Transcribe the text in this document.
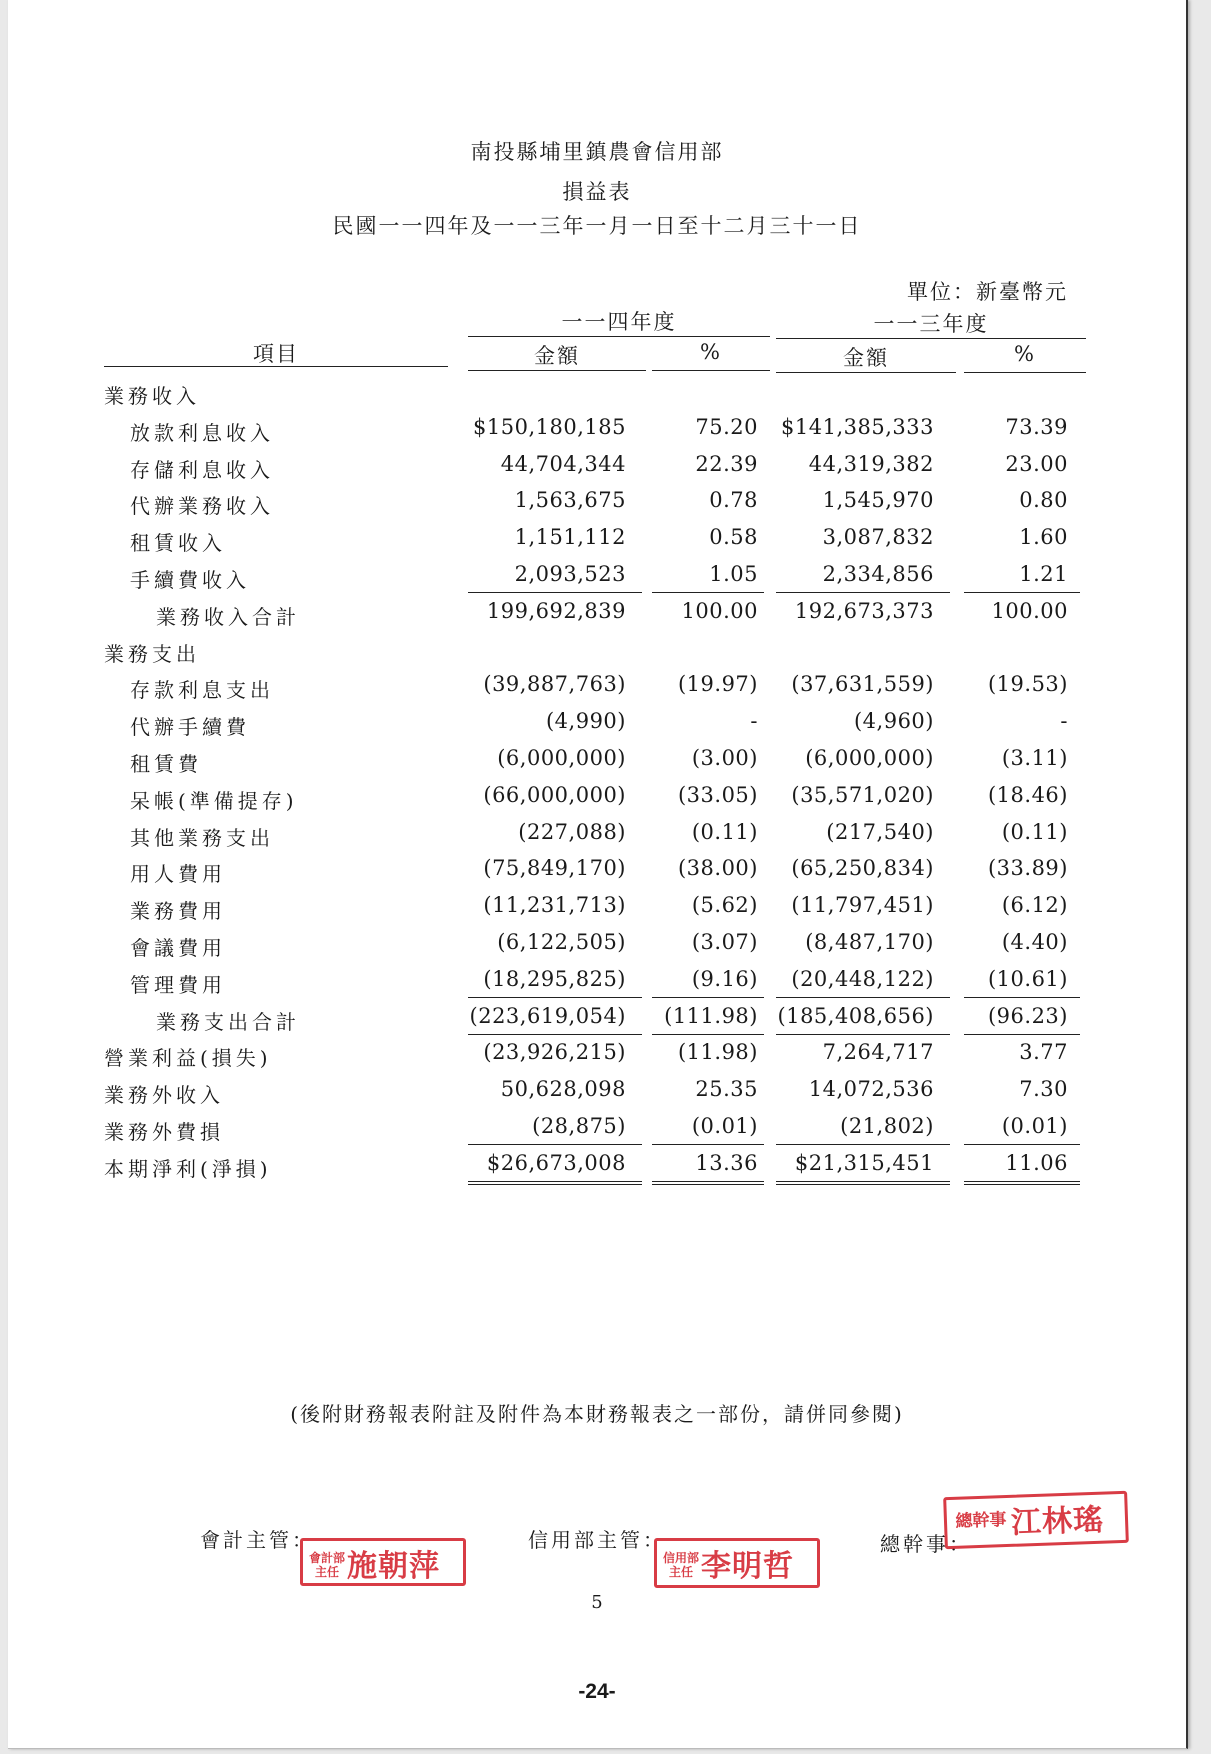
南投縣埔里鎮農會信用部
損益表
民國一一四年及一一三年一月一日至十二月三十一日
單位：新臺幣元
一一四年度	一一三年度
項目	金額	%	金額	%
業務收入
放款利息收入	$150,180,185	75.20 $141,385,333	73.39
存儲利息收入	44,704,344	22.39	44,319,382	23.00
代辦業務收入	1,563,675	0.78	1,545,970	0.80
租賃收入	1,151,112	0.58	3,087,832	1.60
手續費收入	2,093,523	1.05	2,334,856	1.21
業務收入合計	199,692,839	100.00	192,673,373	100.00
業務支出
存款利息支出	(39,887,763)	(19.97)	(37,631,559)	(19.53)
代辦手續費	(4,990)	-	(4,960)	-
租賃費	(6,000,000)	(3.00)	(6,000,000)	(3.11)
呆帳(準備提存)	(66,000,000)	(33.05)	(35,571,020)	(18.46)
其他業務支出	(227,088)	(0.11)	(217,540)	(0.11)
用人費用	(75,849,170)	(38.00)	(65,250,834)	(33.89)
業務費用	(11,231,713)	(5.62)	(11,797,451)	(6.12)
會議費用	(6,122,505)	(3.07)	(8,487,170)	(4.40)
管理費用	(18,295,825)	(9.16)	(20,448,122)	(10.61)
業務支出合計	(223,619,054)	(111.98) (185,408,656)	(96.23)
營業利益(損失)	(23,926,215)	(11.98)	7,264,717	3.77
業務外收入	50,628,098	25.35	14,072,536	7.30
業務外費損	(28,875)	(0.01)	(21,802)	(0.01)
本期淨利(淨損)	$26,673,008	13.36	$21,315,451	11.06
(後附財務報表附註及附件為本財務報表之一部份，請併同參閱)
會計主管：
會計部主任 施朝萍
信用部主管：
信用部主任 李明哲
總幹事：
總幹事 江林瑤
5
-24-
